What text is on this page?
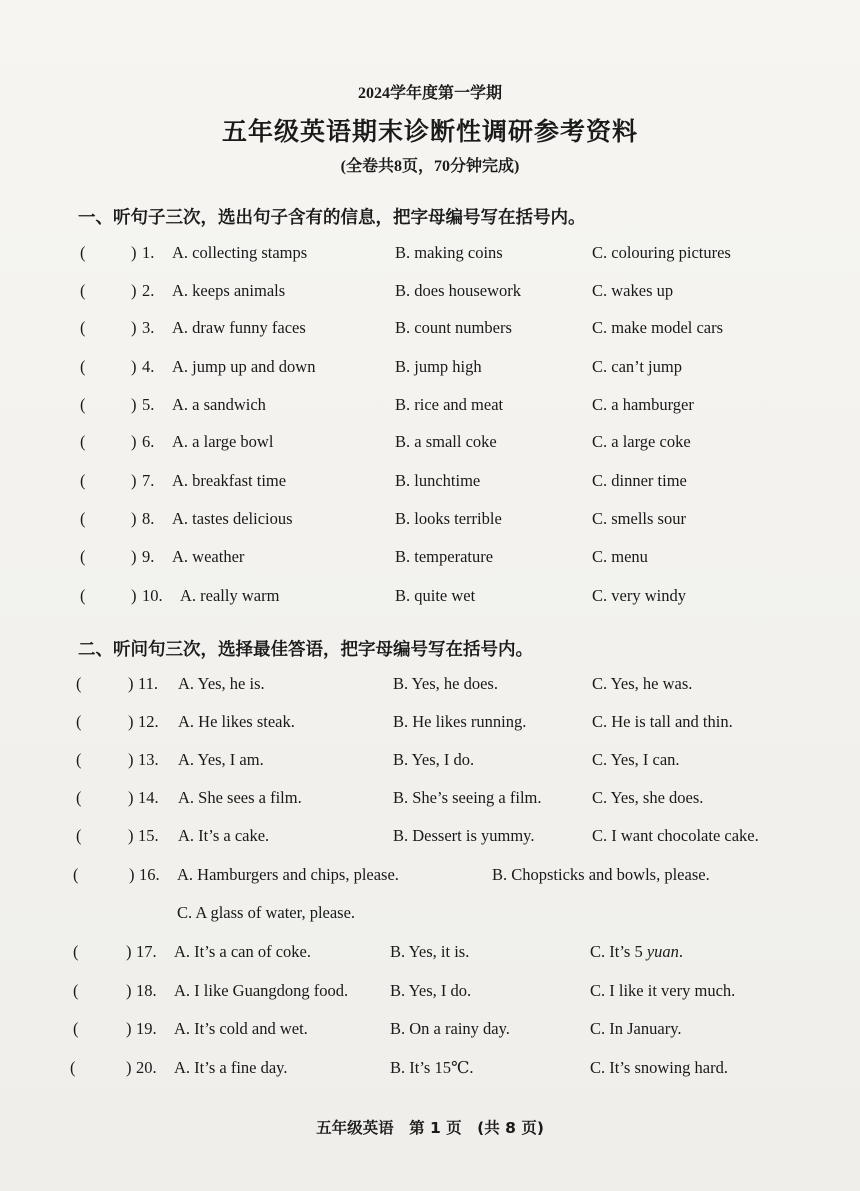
2024学年度第一学期
五年级英语期末诊断性调研参考资料
(全卷共8页，70分钟完成)
一、听句子三次，选出句子含有的信息，把字母编号写在括号内。
(	) 1. A. collecting stamps	B. making coins	C. colouring pictures
(	) 2. A. keeps animals	B. does housework	C. wakes up
(	) 3. A. draw funny faces	B. count numbers	C. make model cars
(	) 4. A. jump up and down	B. jump high	C. can’t jump
(	) 5. A. a sandwich	B. rice and meat	C. a hamburger
(	) 6. A. a large bowl	B. a small coke	C. a large coke
(	) 7. A. breakfast time	B. lunchtime	C. dinner time
(	) 8. A. tastes delicious	B. looks terrible	C. smells sour
(	) 9. A. weather	B. temperature	C. menu
(	) 10. A. really warm	B. quite wet	C. very windy
二、听问句三次，选择最佳答语，把字母编号写在括号内。
(	) 11. A. Yes, he is.	B. Yes, he does.	C. Yes, he was.
(	) 12. A. He likes steak.	B. He likes running.	C. He is tall and thin.
(	) 13. A. Yes, I am.	B. Yes, I do.	C. Yes, I can.
(	) 14. A. She sees a film.	B. She’s seeing a film.	C. Yes, she does.
(	) 15. A. It’s a cake.	B. Dessert is yummy.	C. I want chocolate cake.
(	) 16. A. Hamburgers and chips, please.	B. Chopsticks and bowls, please.
C. A glass of water, please.
(	) 17. A. It’s a can of coke.	B. Yes, it is.	C. It’s 5 yuan.
(	) 18. A. I like Guangdong food.	B. Yes, I do.	C. I like it very much.
(	) 19. A. It’s cold and wet.	B. On a rainy day.	C. In January.
(	) 20. A. It’s a fine day.	B. It’s 15℃.	C. It’s snowing hard.
五年级英语　第 1 页　(共 8 页)
